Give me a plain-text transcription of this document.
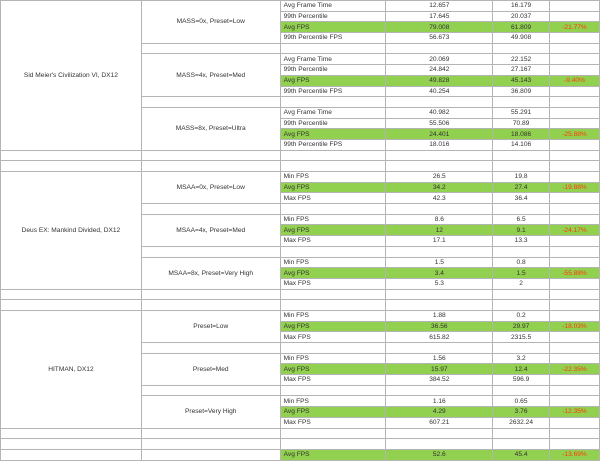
Sid Meier's Civilization VI, DX12	MASS=0x, Preset=Low	Avg Frame Time	12.657	16.179	
		99th Percentile	17.645	20.037	
		Avg FPS	79.008	61.809	-21.77%
		99th Percentile FPS	56.673	49.908	

	MASS=4x, Preset=Med	Avg Frame Time	20.069	22.152	
		99th Percentile	24.842	27.167	
		Avg FPS	49.828	45.143	-9.40%
		99th Percentile FPS	40.254	36.809	

	MASS=8x, Preset=Ultra	Avg Frame Time	40.982	55.291	
		99th Percentile	55.506	70.89	
		Avg FPS	24.401	18.086	-25.88%
		99th Percentile FPS	18.016	14.106	

Deus EX: Mankind Divided, DX12	MSAA=0x, Preset=Low	Min FPS	26.5	19.8	
		Avg FPS	34.2	27.4	-19.88%
		Max FPS	42.3	36.4	

	MSAA=4x, Preset=Med	Min FPS	8.6	6.5	
		Avg FPS	12	9.1	-24.17%
		Max FPS	17.1	13.3	

	MSAA=8x, Preset=Very High	Min FPS	1.5	0.8	
		Avg FPS	3.4	1.5	-55.88%
		Max FPS	5.3	2	

HITMAN, DX12	Preset=Low	Min FPS	1.88	0.2	
		Avg FPS	36.56	29.97	-18.03%
		Max FPS	615.82	2315.5	

	Preset=Med	Min FPS	1.56	3.2	
		Avg FPS	15.97	12.4	-22.35%
		Max FPS	384.52	596.9	

	Preset=Very High	Min FPS	1.16	0.65	
		Avg FPS	4.29	3.76	-12.35%
		Max FPS	607.21	2632.24	

		Avg FPS	52.6	45.4	-13.69%
